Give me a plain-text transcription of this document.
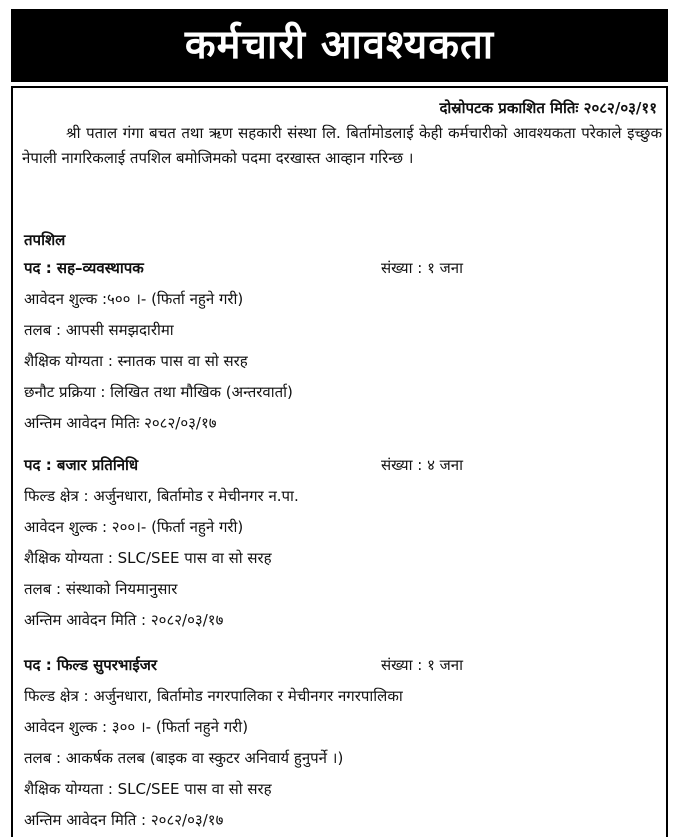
कर्मचारी आवश्यकता
दोस्रोपटक प्रकाशित मितिः २०८२/०३/११
श्री पताल गंगा बचत तथा ऋण सहकारी संस्था लि. बिर्तामोडलाई केही कर्मचारीको आवश्यकता परेकाले इच्छुक नेपाली नागरिकलाई तपशिल बमोजिमको पदमा दरखास्त आव्हान गरिन्छ ।
तपशिल
पद : सह–व्यवस्थापक	संख्या : १ जना
आवेदन शुल्क :५०० ।- (फिर्ता नहुने गरी)
तलब : आपसी समझदारीमा
शैक्षिक योग्यता : स्नातक पास वा सो सरह
छनौट प्रक्रिया : लिखित तथा मौखिक (अन्तरवार्ता)
अन्तिम आवेदन मितिः २०८२/०३/१७
पद : बजार प्रतिनिधि	संख्या : ४ जना
फिल्ड क्षेत्र : अर्जुनधारा, बिर्तामोड र मेचीनगर न.पा.
आवेदन शुल्क : २००।- (फिर्ता नहुने गरी)
शैक्षिक योग्यता : SLC/SEE पास वा सो सरह
तलब : संस्थाको नियमानुसार
अन्तिम आवेदन मिति : २०८२/०३/१७
पद : फिल्ड सुपरभाईजर	संख्या : १ जना
फिल्ड क्षेत्र : अर्जुनधारा, बिर्तामोड नगरपालिका र मेचीनगर नगरपालिका
आवेदन शुल्क : ३०० ।- (फिर्ता नहुने गरी)
तलब : आकर्षक तलब (बाइक वा स्कुटर अनिवार्य हुनुपर्ने ।)
शैक्षिक योग्यता : SLC/SEE पास वा सो सरह
अन्तिम आवेदन मिति : २०८२/०३/१७
